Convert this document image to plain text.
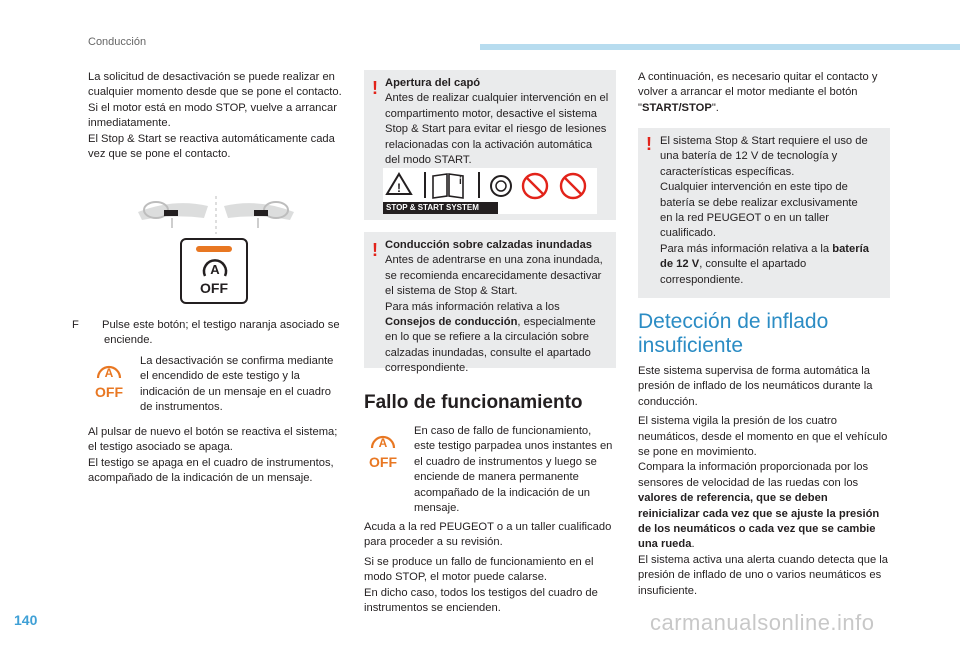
Conducción

La solicitud de desactivación se puede realizar en cualquier momento desde que se pone el contacto.

Si el motor está en modo STOP, vuelve a arrancar inmediatamente.

El Stop & Start se reactiva automáticamente cada vez que se pone el contacto.

A
OFF

F Pulse este botón; el testigo naranja asociado se enciende.

A
OFF

La desactivación se confirma mediante el encendido de este testigo y la indicación de un mensaje en el cuadro de instrumentos.

Al pulsar de nuevo el botón se reactiva el sistema; el testigo asociado se apaga.

El testigo se apaga en el cuadro de instrumentos, acompañado de la indicación de un mensaje.

! Apertura del capó

Antes de realizar cualquier intervención en el compartimento motor, desactive el sistema Stop & Start para evitar el riesgo de lesiones relacionadas con la activación automática del modo START.

!	i
STOP & START SYSTEM
! Conducción sobre calzadas inundadas

Antes de adentrarse en una zona inundada, se recomienda encarecidamente desactivar el sistema de Stop & Start.

Para más información relativa a los Consejos de conducción, especialmente en lo que se refiere a la circulación sobre calzadas inundadas, consulte el apartado correspondiente.

Fallo de funcionamiento
A
OFF

En caso de fallo de funcionamiento, este testigo parpadea unos instantes en el cuadro de instrumentos y luego se enciende de manera permanente acompañado de la indicación de un mensaje.

Acuda a la red PEUGEOT o a un taller cualificado para proceder a su revisión.

Si se produce un fallo de funcionamiento en el modo STOP, el motor puede calarse.

En dicho caso, todos los testigos del cuadro de instrumentos se encienden.

A continuación, es necesario quitar el contacto y volver a arrancar el motor mediante el botón "START/STOP".

! El sistema Stop & Start requiere el uso de una batería de 12 V de tecnología y características específicas.

Cualquier intervención en este tipo de batería se debe realizar exclusivamente en la red PEUGEOT o en un taller cualificado.

Para más información relativa a la batería de 12 V, consulte el apartado correspondiente.

Detección de inflado insuficiente

Este sistema supervisa de forma automática la presión de inflado de los neumáticos durante la conducción.

El sistema vigila la presión de los cuatro neumáticos, desde el momento en que el vehículo se pone en movimiento.

Compara la información proporcionada por los sensores de velocidad de las ruedas con los valores de referencia, que se deben reinicializar cada vez que se ajuste la presión de los neumáticos o cada vez que se cambie una rueda.

El sistema activa una alerta cuando detecta que la presión de inflado de uno o varios neumáticos es insuficiente.

140	carmanualsonline.info
